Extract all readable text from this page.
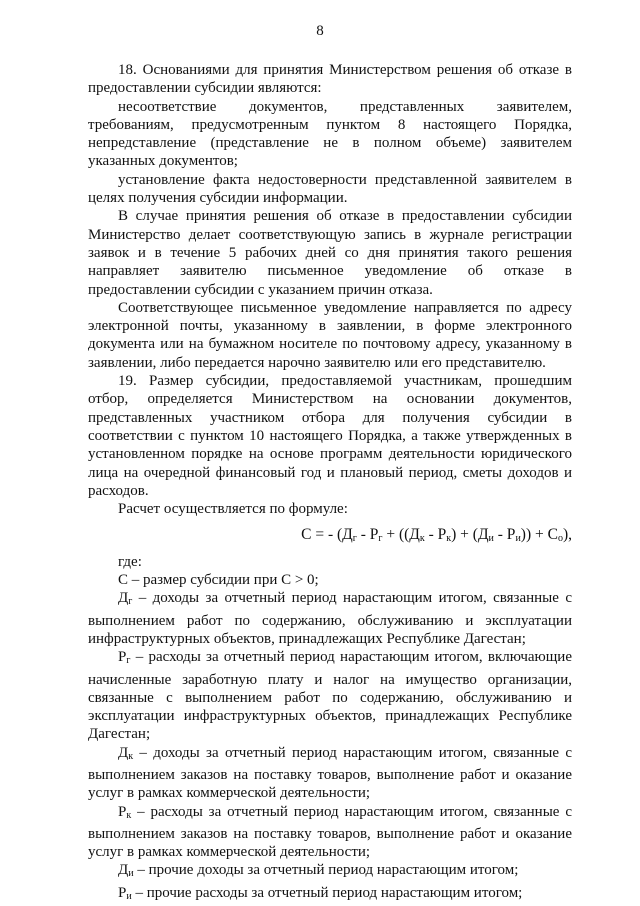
8

18. Основаниями для принятия Министерством решения об отказе в предоставлении субсидии являются:

несоответствие документов, представленных заявителем, требованиям, предусмотренным пунктом 8 настоящего Порядка, непредставление (представление не в полном объеме) заявителем указанных документов;

установление факта недостоверности представленной заявителем в целях получения субсидии информации.

В случае принятия решения об отказе в предоставлении субсидии Министерство делает соответствующую запись в журнале регистрации заявок и в течение 5 рабочих дней со дня принятия такого решения направляет заявителю письменное уведомление об отказе в предоставлении субсидии с указанием причин отказа.

Соответствующее письменное уведомление направляется по адресу электронной почты, указанному в заявлении, в форме электронного документа или на бумажном носителе по почтовому адресу, указанному в заявлении, либо передается нарочно заявителю или его представителю.

19. Размер субсидии, предоставляемой участникам, прошедшим отбор, определяется Министерством на основании документов, представленных участником отбора для получения субсидии в соответствии с пунктом 10 настоящего Порядка, а также утвержденных в установленном порядке на основе программ деятельности юридического лица на очередной финансовый год и плановый период, сметы доходов и расходов.

Расчет осуществляется по формуле:

С = - $(Д_г - Р_г + ((Д_к - Р_к) + (Д_и - Р_и)) + С_о)$,

где:

С – размер субсидии при С > 0;

$Д_г$ – доходы за отчетный период нарастающим итогом, связанные с выполнением работ по содержанию, обслуживанию и эксплуатации инфраструктурных объектов, принадлежащих Республике Дагестан;

$Р_г$ – расходы за отчетный период нарастающим итогом, включающие начисленные заработную плату и налог на имущество организации, связанные с выполнением работ по содержанию, обслуживанию и эксплуатации инфраструктурных объектов, принадлежащих Республике Дагестан;

$Д_к$ – доходы за отчетный период нарастающим итогом, связанные с выполнением заказов на поставку товаров, выполнение работ и оказание услуг в рамках коммерческой деятельности;

$Р_к$ – расходы за отчетный период нарастающим итогом, связанные с выполнением заказов на поставку товаров, выполнение работ и оказание услуг в рамках коммерческой деятельности;

$Д_и$ – прочие доходы за отчетный период нарастающим итогом;

$Р_и$ – прочие расходы за отчетный период нарастающим итогом;
